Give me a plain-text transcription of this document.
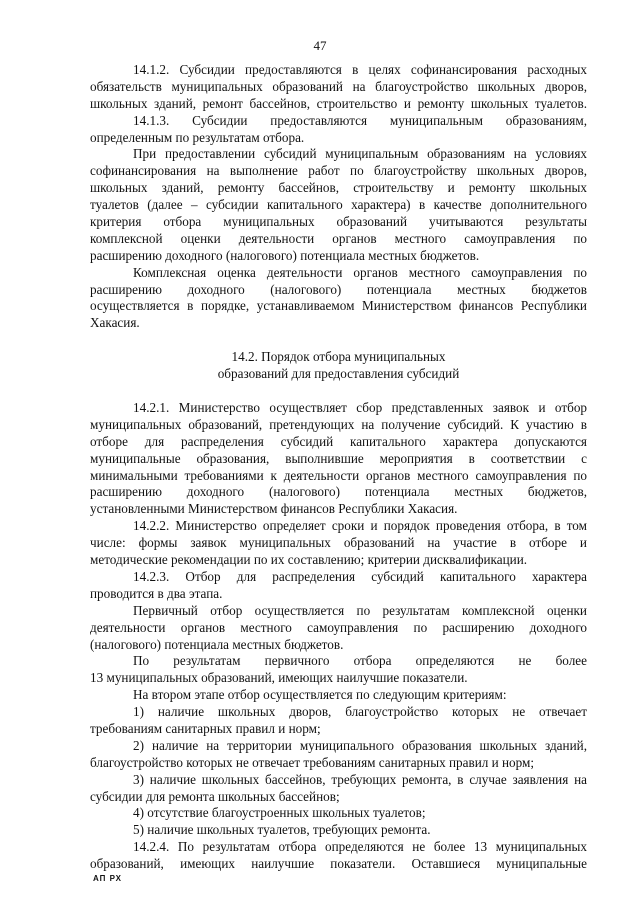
47
14.1.2. Субсидии предоставляются в целях софинансирования расходных
обязательств муниципальных образований на благоустройство школьных дворов,
школьных зданий, ремонт бассейнов, строительство и ремонту школьных туалетов.
14.1.3. Субсидии предоставляются муниципальным образованиям,
определенным по результатам отбора.
При предоставлении субсидий муниципальным образованиям на условиях
софинансирования на выполнение работ по благоустройству школьных дворов,
школьных зданий, ремонту бассейнов, строительству и ремонту школьных
туалетов (далее – субсидии капитального характера) в качестве дополнительного
критерия отбора муниципальных образований учитываются результаты
комплексной оценки деятельности органов местного самоуправления по
расширению доходного (налогового) потенциала местных бюджетов.
Комплексная оценка деятельности органов местного самоуправления по
расширению доходного (налогового) потенциала местных бюджетов
осуществляется в порядке, устанавливаемом Министерством финансов Республики
Хакасия.
14.2. Порядок отбора муниципальных
образований для предоставления субсидий
14.2.1. Министерство осуществляет сбор представленных заявок и отбор
муниципальных образований, претендующих на получение субсидий. К участию в
отборе для распределения субсидий капитального характера допускаются
муниципальные образования, выполнившие мероприятия в соответствии с
минимальными требованиями к деятельности органов местного самоуправления по
расширению доходного (налогового) потенциала местных бюджетов,
установленными Министерством финансов Республики Хакасия.
14.2.2. Министерство определяет сроки и порядок проведения отбора, в том
числе: формы заявок муниципальных образований на участие в отборе и
методические рекомендации по их составлению; критерии дисквалификации.
14.2.3. Отбор для распределения субсидий капитального характера
проводится в два этапа.
Первичный отбор осуществляется по результатам комплексной оценки
деятельности органов местного самоуправления по расширению доходного
(налогового) потенциала местных бюджетов.
По результатам первичного отбора определяются не более
13 муниципальных образований, имеющих наилучшие показатели.
На втором этапе отбор осуществляется по следующим критериям:
1) наличие школьных дворов, благоустройство которых не отвечает
требованиям санитарных правил и норм;
2) наличие на территории муниципального образования школьных зданий,
благоустройство которых не отвечает требованиям санитарных правил и норм;
3) наличие школьных бассейнов, требующих ремонта, в случае заявления на
субсидии для ремонта школьных бассейнов;
4) отсутствие благоустроенных школьных туалетов;
5) наличие школьных туалетов, требующих ремонта.
14.2.4. По результатам отбора определяются не более 13 муниципальных
образований, имеющих наилучшие показатели. Оставшиеся муниципальные
АП РХ
